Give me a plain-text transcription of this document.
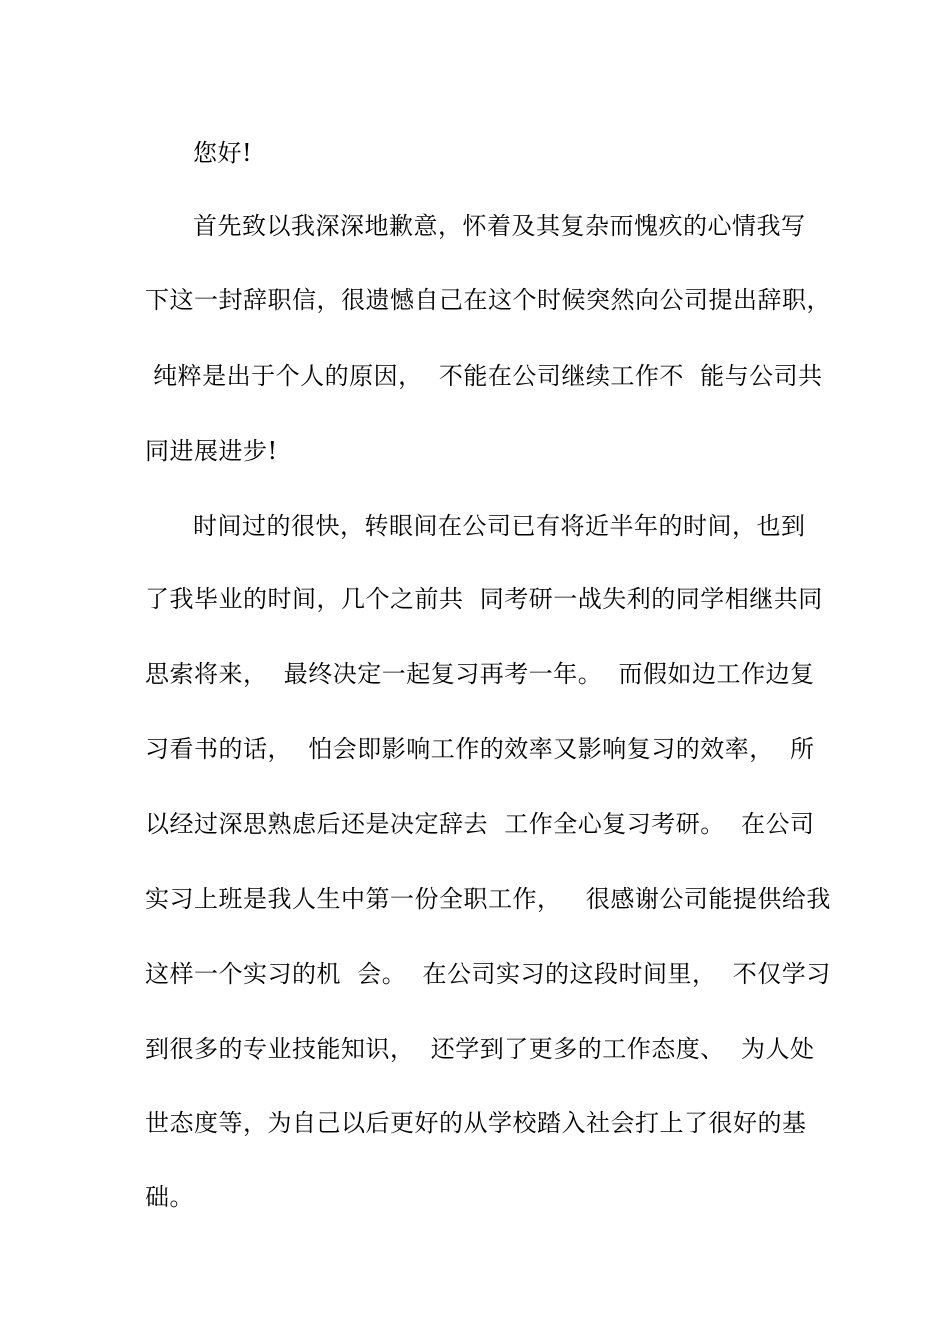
您好!
首先致以我深深地歉意，怀着及其复杂而愧疚的心情我写
下这一封辞职信，很遗憾自己在这个时候突然向公司提出辞职，
纯粹是出于个人的原因，  不能在公司继续工作不  能与公司共
同进展进步!
时间过的很快，转眼间在公司已有将近半年的时间，也到
了我毕业的时间，几个之前共  同考研一战失利的同学相继共同
思索将来，  最终决定一起复习再考一年。  而假如边工作边复
习看书的话，  怕会即影响工作的效率又影响复习的效率，  所
以经过深思熟虑后还是决定辞去  工作全心复习考研。  在公司
实习上班是我人生中第一份全职工作，   很感谢公司能提供给我
这样一个实习的机  会。  在公司实习的这段时间里，  不仅学习
到很多的专业技能知识，  还学到了更多的工作态度、  为人处
世态度等，为自己以后更好的从学校踏入社会打上了很好的基
础。
